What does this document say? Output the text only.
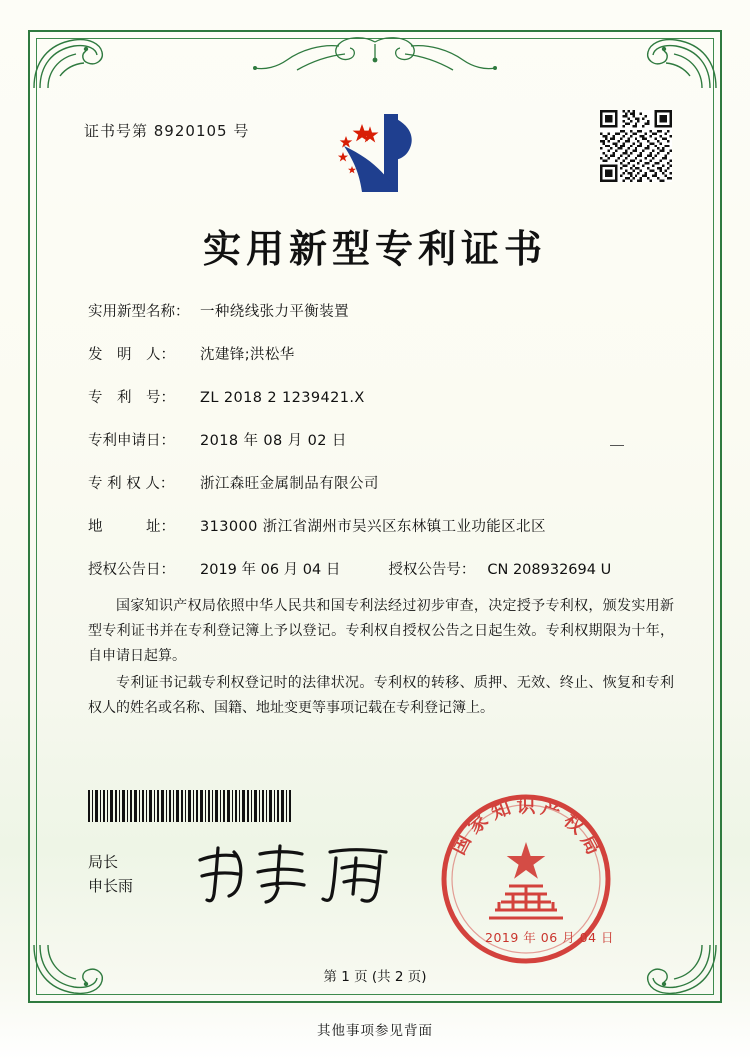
证书号第 8920105 号
实用新型专利证书
实用新型名称： 一种绕线张力平衡装置
发　明　人：	沈建锋;洪松华
专　利　号：	ZL 2018 2 1239421.X
专利申请日：	2018 年 08 月 02 日
专 利 权 人：	浙江森旺金属制品有限公司
地　　　址：	313000 浙江省湖州市吴兴区东林镇工业功能区北区
授权公告日：	2019 年 06 月 04 日	授权公告号： CN 208932694 U

国家知识产权局依照中华人民共和国专利法经过初步审查，决定授予专利权，颁发实用新型专利证书并在专利登记簿上予以登记。专利权自授权公告之日起生效。专利权期限为十年，自申请日起算。

专利证书记载专利权登记时的法律状况。专利权的转移、质押、无效、终止、恢复和专利权人的姓名或名称、国籍、地址变更等事项记载在专利登记簿上。

局长
申长雨
国
家
知 识 产
权
局
2019 年 06 月 04 日
第 1 页 (共 2 页)
其他事项参见背面
